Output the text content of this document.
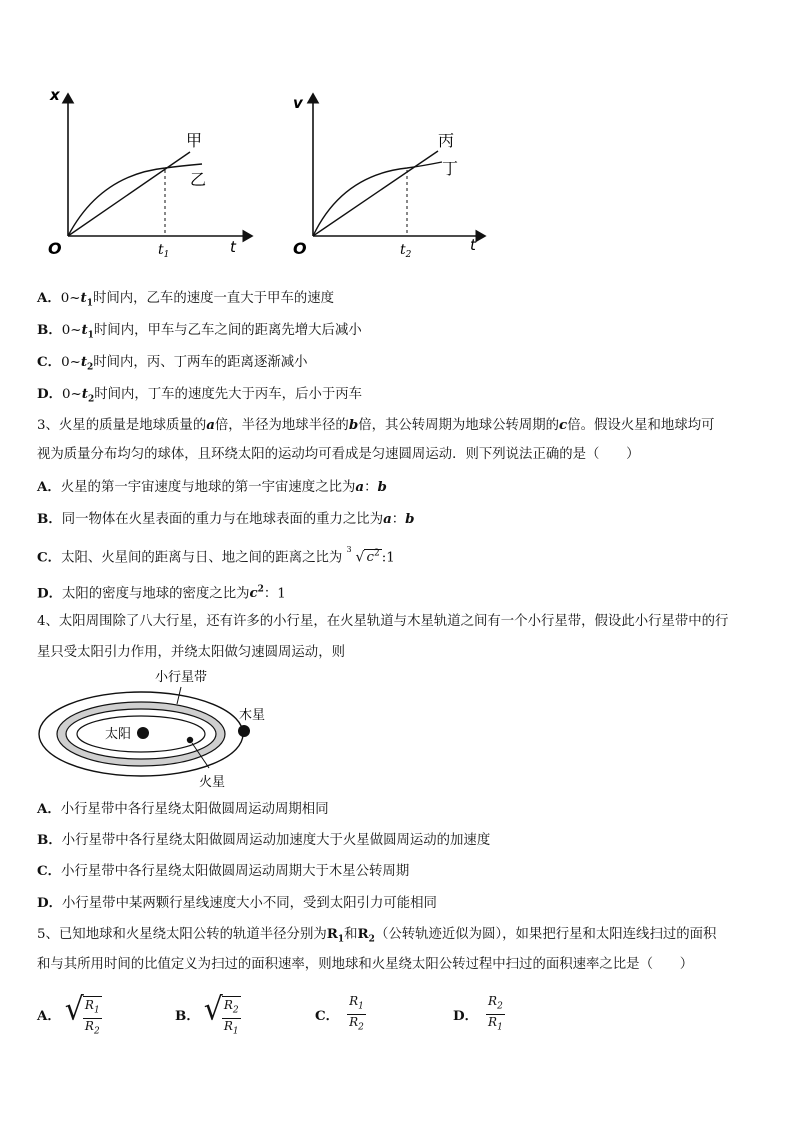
x
t
O
甲
乙
$t_1$
v
t
O
丙
丁
$t_2$
A．$0\sim t_1$时间内，乙车的速度一直大于甲车的速度
B．$0\sim t_1$时间内，甲车与乙车之间的距离先增大后减小
C．$0\sim t_2$时间内，丙、丁两车的距离逐渐减小
D．$0\sim t_2$时间内，丁车的速度先大于丙车，后小于丙车
3、火星的质量是地球质量的a倍，半径为地球半径的b倍，其公转周期为地球公转周期的c倍。假设火星和地球均可
视为质量分布均匀的球体，且环绕太阳的运动均可看成是匀速圆周运动．则下列说法正确的是（　　）
A．火星的第一宇宙速度与地球的第一宇宙速度之比为a：b
B．同一物体在火星表面的重力与在地球表面的重力之比为a：b
C．太阳、火星间的距离与日、地之间的距离之比为
3 √ $c^2$ :1
D．太阳的密度与地球的密度之比为$c^2$：1
4、太阳周围除了八大行星，还有许多的小行星，在火星轨道与木星轨道之间有一个小行星带，假设此小行星带中的行
星只受太阳引力作用，并绕太阳做匀速圆周运动，则
小行星带
木星
太阳
火星
A．小行星带中各行星绕太阳做圆周运动周期相同
B．小行星带中各行星绕太阳做圆周运动加速度大于火星做圆周运动的加速度
C．小行星带中各行星绕太阳做圆周运动周期大于木星公转周期
D．小行星带中某两颗行星线速度大小不同，受到太阳引力可能相同
5、已知地球和火星绕太阳公转的轨道半径分别为$R_1$和$R_2$（公转轨迹近似为圆），如果把行星和太阳连线扫过的面积
和与其所用时间的比值定义为扫过的面积速率，则地球和火星绕太阳公转过程中扫过的面积速率之比是（　　）
A． √ $\frac{R_1}{R_2}$	B． √ $\frac{R_2}{R_1}$	C． $\frac{R_1}{R_2}$	D． $\frac{R_2}{R_1}$
